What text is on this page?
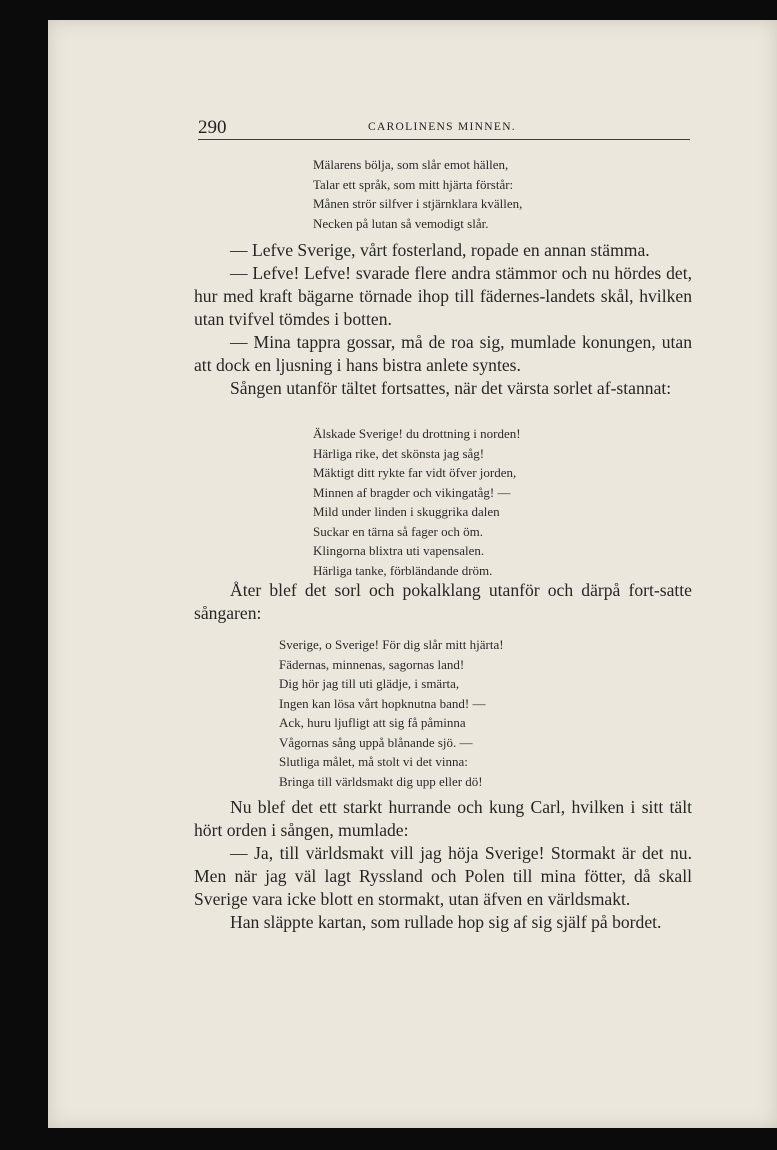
290	CAROLINENS MINNEN.
Mälarens bölja, som slår emot hällen,
Talar ett språk, som mitt hjärta förstår:
Månen strör silfver i stjärnklara kvällen,
Necken på lutan så vemodigt slår.

— Lefve Sverige, vårt fosterland, ropade en annan stämma.

— Lefve! Lefve! svarade flere andra stämmor och nu hördes det, hur med kraft bägarne törnade ihop till fädernes-landets skål, hvilken utan tvifvel tömdes i botten.

— Mina tappra gossar, må de roa sig, mumlade konungen, utan att dock en ljusning i hans bistra anlete syntes.

Sången utanför tältet fortsattes, när det värsta sorlet af-stannat:

Älskade Sverige! du drottning i norden!
Härliga rike, det skönsta jag såg!
Mäktigt ditt rykte far vidt öfver jorden,
Minnen af bragder och vikingatåg! —
Mild under linden i skuggrika dalen
Suckar en tärna så fager och öm.
Klingorna blixtra uti vapensalen.
Härliga tanke, förbländande dröm.

Åter blef det sorl och pokalklang utanför och därpå fort-satte sångaren:

Sverige, o Sverige! För dig slår mitt hjärta!
Fädernas, minnenas, sagornas land!
Dig hör jag till uti glädje, i smärta,
Ingen kan lösa vårt hopknutna band! —
Ack, huru ljufligt att sig få påminna
Vågornas sång uppå blånande sjö. —
Slutliga målet, må stolt vi det vinna:
Bringa till världsmakt dig upp eller dö!

Nu blef det ett starkt hurrande och kung Carl, hvilken i sitt tält hört orden i sången, mumlade:

— Ja, till världsmakt vill jag höja Sverige! Stormakt är det nu. Men när jag väl lagt Ryssland och Polen till mina fötter, då skall Sverige vara icke blott en stormakt, utan äfven en världsmakt.

Han släppte kartan, som rullade hop sig af sig själf på bordet.
